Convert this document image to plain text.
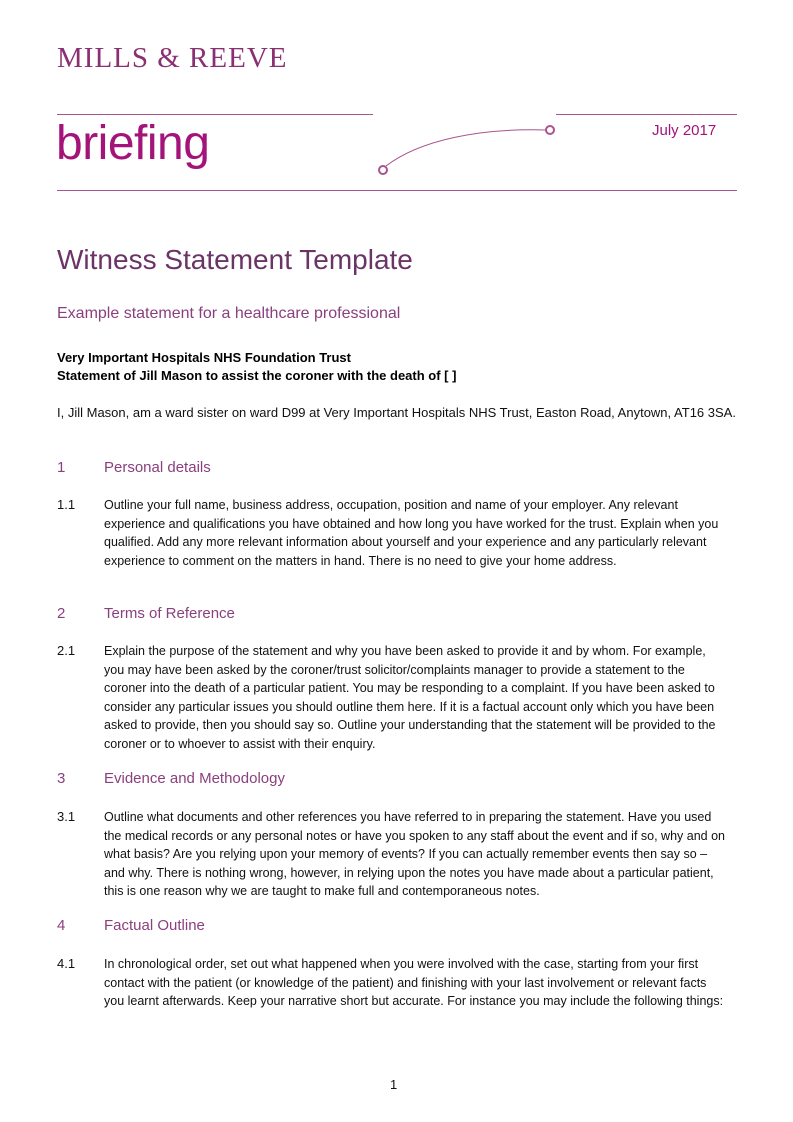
MILLS & REEVE
briefing	July 2017
Witness Statement Template
Example statement for a healthcare professional
Very Important Hospitals NHS Foundation Trust
Statement of Jill Mason to assist the coroner with the death of [ ]
I, Jill Mason, am a ward sister on ward D99 at Very Important Hospitals NHS Trust, Easton Road, Anytown, AT16 3SA.
1	Personal details
1.1 Outline your full name, business address, occupation, position and name of your employer. Any relevant experience and qualifications you have obtained and how long you have worked for the trust. Explain when you qualified. Add any more relevant information about yourself and your experience and any particularly relevant experience to comment on the matters in hand. There is no need to give your home address.
2	Terms of Reference
2.1 Explain the purpose of the statement and why you have been asked to provide it and by whom. For example, you may have been asked by the coroner/trust solicitor/complaints manager to provide a statement to the coroner into the death of a particular patient. You may be responding to a complaint. If you have been asked to consider any particular issues you should outline them here. If it is a factual account only which you have been asked to provide, then you should say so. Outline your understanding that the statement will be provided to the coroner or to whoever to assist with their enquiry.
3	Evidence and Methodology
3.1 Outline what documents and other references you have referred to in preparing the statement. Have you used the medical records or any personal notes or have you spoken to any staff about the event and if so, why and on what basis? Are you relying upon your memory of events? If you can actually remember events then say so – and why. There is nothing wrong, however, in relying upon the notes you have made about a particular patient, this is one reason why we are taught to make full and contemporaneous notes.
4	Factual Outline
4.1 In chronological order, set out what happened when you were involved with the case, starting from your first contact with the patient (or knowledge of the patient) and finishing with your last involvement or relevant facts you learnt afterwards. Keep your narrative short but accurate. For instance you may include the following things:
1
